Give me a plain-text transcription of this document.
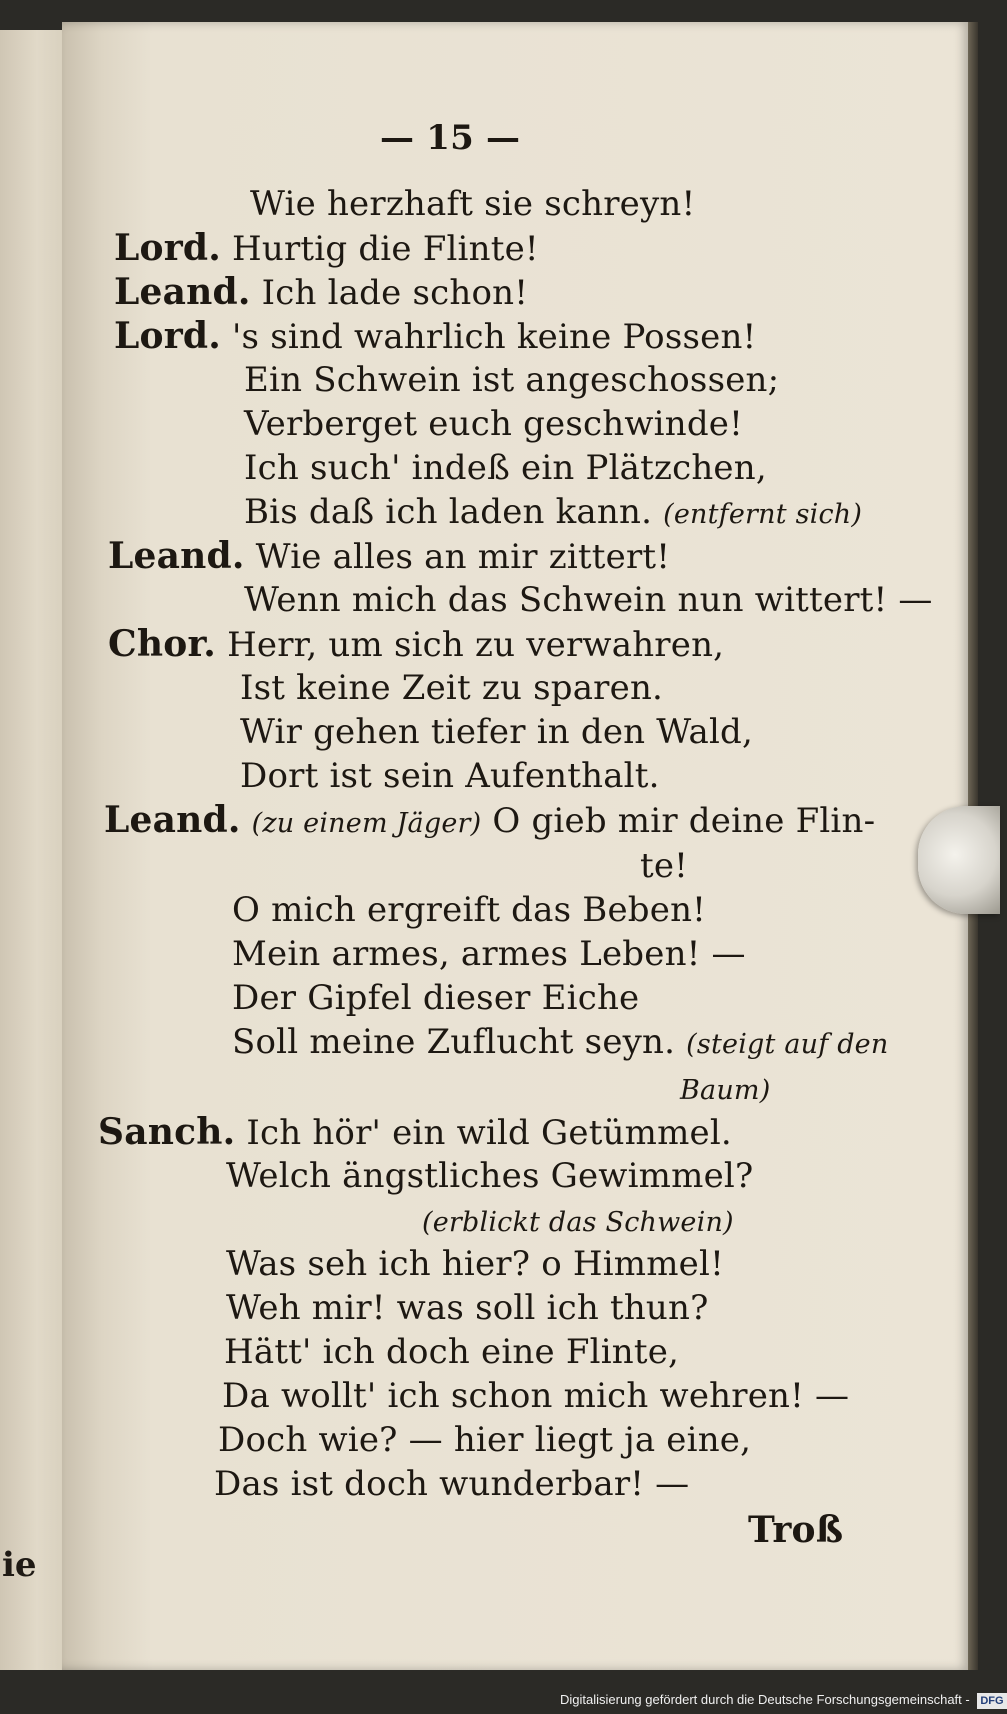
ie
— 15 —
Wie herzhaft sie schreyn!
Lord. Hurtig die Flinte!
Leand. Ich lade schon!
Lord. 's sind wahrlich keine Possen!
Ein Schwein ist angeschossen;
Verberget euch geschwinde!
Ich such' indeß ein Plätzchen,
Bis daß ich laden kann. (entfernt sich)
Leand. Wie alles an mir zittert!
Wenn mich das Schwein nun wittert! —
Chor. Herr, um sich zu verwahren,
Ist keine Zeit zu sparen.
Wir gehen tiefer in den Wald,
Dort ist sein Aufenthalt.
Leand. (zu einem Jäger) O gieb mir deine Flin-
te!
O mich ergreift das Beben!
Mein armes, armes Leben! —
Der Gipfel dieser Eiche
Soll meine Zuflucht seyn. (steigt auf den
Baum)
Sanch. Ich hör' ein wild Getümmel.
Welch ängstliches Gewimmel?
(erblickt das Schwein)
Was seh ich hier? o Himmel!
Weh mir! was soll ich thun?
Hätt' ich doch eine Flinte,
Da wollt' ich schon mich wehren! —
Doch wie? — hier liegt ja eine,
Das ist doch wunderbar! —
Troß
Digitalisierung gefördert durch die Deutsche Forschungsgemeinschaft - DFG
